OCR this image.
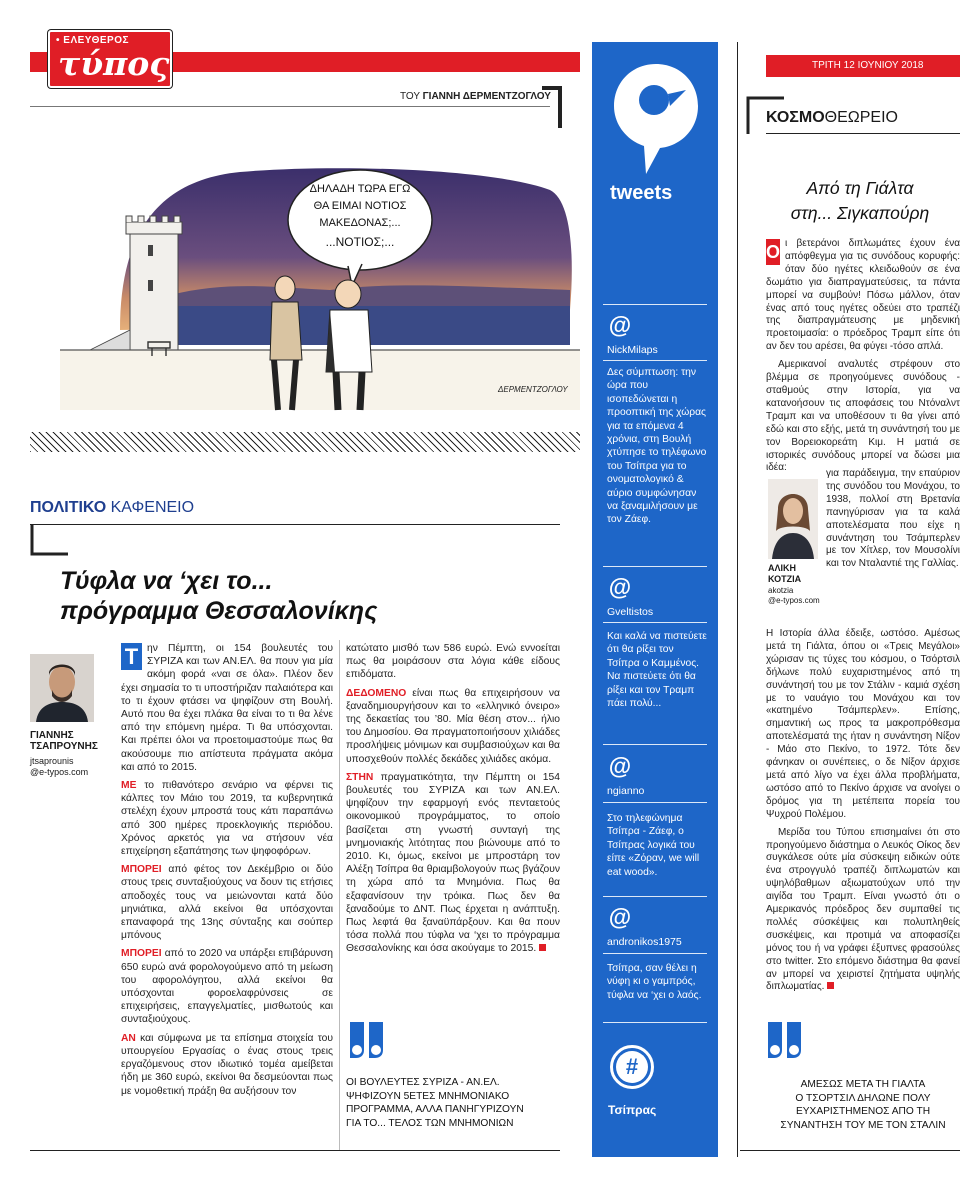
• ΕΛΕΥΘΕΡΟΣ
τύπος
ΤΟΥ ΓΙΑΝΝΗ ΔΕΡΜΕΝΤΖΟΓΛΟΥ
ΔΗΛΑΔΗ ΤΩΡΑ ΕΓΩ
ΘΑ ΕΙΜΑΙ ΝΟΤΙΟΣ
ΜΑΚΕΔΟΝΑΣ;...
...ΝΟΤΙΟΣ;...
ΔΕΡΜΕΝΤΖΟΓΛΟΥ
ΠΟΛΙΤΙΚΟ ΚΑΦΕΝΕΙΟ
Τύφλα να ‘χει το...
πρόγραμμα Θεσσαλονίκης
ΓΙΑΝΝΗΣ
ΤΣΑΠΡΟΥΝΗΣ
jtsaprounis
@e-typos.com

Τ ην Πέμπτη, οι 154 βουλευτές του ΣΥΡΙΖΑ και των ΑΝ.ΕΛ. θα πουν για μία ακόμη φορά «ναι σε όλα». Πλέον δεν έχει σημασία το τι υποστήριζαν παλαιότερα και το τι έχουν φτάσει να ψηφίζουν στη Βουλή. Αυτό που θα έχει πλάκα θα είναι το τι θα λένε από την επόμενη ημέρα. Τι θα υπόσχονται. Και πρέπει όλοι να προετοιμαστούμε πως θα ακούσουμε πιο απίστευτα πράγματα ακόμα και από το 2015.

ΜΕ το πιθανότερο σενάριο να φέρνει τις κάλπες τον Μάιο του 2019, τα κυβερνητικά στελέχη έχουν μπροστά τους κάτι παραπάνω από 300 ημέρες προεκλογικής περιόδου. Χρόνος αρκετός για να στήσουν νέα επιχείρηση εξαπάτησης των ψηφοφόρων.

ΜΠΟΡΕΙ από φέτος τον Δεκέμβριο οι δύο στους τρεις συνταξιούχους να δουν τις ετήσιες αποδοχές τους να μειώνονται κατά δύο μηνιάτικα, αλλά εκείνοι θα υπόσχονται επαναφορά της 13ης σύνταξης και σούπερ μπόνους

ΜΠΟΡΕΙ από το 2020 να υπάρξει επιβάρυνση 650 ευρώ ανά φορολογούμενο από τη μείωση του αφορολόγητου, αλλά εκείνοι θα υπόσχονται φοροελαφρύνσεις σε επιχειρήσεις, επαγγελματίες, μισθωτούς και συνταξιούχους.

ΑΝ και σύμφωνα με τα επίσημα στοιχεία του υπουργείου Εργασίας ο ένας στους τρεις εργαζόμενους στον ιδιωτικό τομέα αμείβεται ήδη με 360 ευρώ, εκείνοι θα δεσμεύονται πως με νομοθετική πράξη θα αυξήσουν τον

κατώτατο μισθό των 586 ευρώ. Ενώ εννοείται πως θα μοιράσουν στα λόγια κάθε είδους επιδόματα.

ΔΕΔΟΜΕΝΟ είναι πως θα επιχειρήσουν να ξαναδημιουργήσουν και το «ελληνικό όνειρο» της δεκαετίας του ’80. Μία θέση στον... ήλιο του Δημοσίου. Θα πραγματοποιήσουν χιλιάδες προσλήψεις μόνιμων και συμβασιούχων και θα υποσχεθούν πολλές δεκάδες χιλιάδες ακόμα.

ΣΤΗΝ πραγματικότητα, την Πέμπτη οι 154 βουλευτές του ΣΥΡΙΖΑ και των ΑΝ.ΕΛ. ψηφίζουν την εφαρμογή ενός πενταετούς οικονομικού προγράμματος, το οποίο βασίζεται στη γνωστή συνταγή της μνημονιακής λιτότητας που βιώνουμε από το 2010. Κι, όμως, εκείνοι με μπροστάρη τον Αλέξη Τσίπρα θα θριαμβολογούν πως βγάζουν τη χώρα από τα Μνημόνια. Πως θα εξαφανίσουν την τρόικα. Πως δεν θα ξαναδούμε το ΔΝΤ. Πως έρχεται η ανάπτυξη. Πως λεφτά θα ξαναϋπάρξουν. Και θα πουν τόσα πολλά που τύφλα να ‘χει το πρόγραμμα Θεσσαλονίκης και όσα ακούγαμε το 2015.

ΟΙ ΒΟΥΛΕΥΤΕΣ ΣΥΡΙΖΑ - ΑΝ.ΕΛ.
ΨΗΦΙΖΟΥΝ 5ΕΤΕΣ ΜΝΗΜΟΝΙΑΚΟ
ΠΡΟΓΡΑΜΜΑ, ΑΛΛΑ ΠΑΝΗΓΥΡΙΖΟΥΝ
ΓΙΑ ΤΟ... ΤΕΛΟΣ ΤΩΝ ΜΝΗΜΟΝΙΩΝ
tweets
@
NickMilaps
Δες σύμπτωση: την ώρα που ισοπεδώνεται η προοπτική της χώρας για τα επόμενα 4 χρόνια, στη Βουλή χτύπησε το τηλέφωνο του Τσίπρα για το ονοματολογικό & αύριο συμφώνησαν να ξαναμιλήσουν με τον Ζάεφ.
@
Gveltistos
Και καλά να πιστεύετε ότι θα ρίξει τον Τσίπρα ο Καμμένος. Να πιστεύετε ότι θα ρίξει και τον Τραμπ πάει πολύ...
@
ngianno
Στο τηλεφώνημα Τσίπρα - Ζάεφ, ο Τσίπρας λογικά του είπε «Ζόραν, we will eat wood».
@
andronikos1975
Τσίπρα, σαν θέλει η νύφη κι ο γαμπρός, τύφλα να ‘χει ο λαός.
#
Τσίπρας
ΤΡΙΤΗ 12 ΙΟΥΝΙΟΥ 2018
ΚΟΣΜΟΘΕΩΡΕΙΟ
Από τη Γιάλτα
στη... Σιγκαπούρη

Ο ι βετεράνοι διπλωμάτες έχουν ένα απόφθεγμα για τις συνόδους κορυφής: όταν δύο ηγέτες κλειδωθούν σε ένα δωμάτιο για διαπραγματεύσεις, τα πάντα μπορεί να συμβούν! Πόσω μάλλον, όταν ένας από τους ηγέτες οδεύει στο τραπέζι της διαπραγμάτευσης με μηδενική προετοιμασία: ο πρόεδρος Τραμπ είπε ότι αν δεν του αρέσει, θα φύγει -τόσο απλά.

Αμερικανοί αναλυτές στρέφουν στο βλέμμα σε προηγούμενες συνόδους - σταθμούς στην Ιστορία, για να κατανοήσουν τις αποφάσεις του Ντόναλντ Τραμπ και να υποθέσουν τι θα γίνει από εδώ και στο εξής, μετά τη συνάντησή του με τον Βορειοκορεάτη Κιμ. Η ματιά σε ιστορικές συνόδους μπορεί να δώσει μια ιδέα:

ΑΛΙΚΗ
ΚΟΤΖΙΑ
akotzia
@e-typos.com

για παράδειγμα, την επαύριον της συνόδου του Μονάχου, το 1938, πολλοί στη Βρετανία πανηγύρισαν για τα καλά αποτελέσματα που είχε η συνάντηση του Τσάμπερλεν με τον Χίτλερ, τον Μουσολίνι και τον Νταλαντιέ της Γαλλίας.

Η Ιστορία άλλα έδειξε, ωστόσο. Αμέσως μετά τη Γιάλτα, όπου οι «Τρεις Μεγάλοι» χώρισαν τις τύχες του κόσμου, ο Τσόρτσιλ δήλωνε πολύ ευχαριστημένος από τη συνάντησή του με τον Στάλιν - καμιά σχέση με το ναυάγιο του Μονάχου και τον «κατημένο Τσάμπερλεν». Επίσης, σημαντική ως προς τα μακροπρόθεσμα αποτελέσματά της ήταν η συνάντηση Νίξον - Μάο στο Πεκίνο, το 1972. Τότε δεν φάνηκαν οι συνέπειες, ο δε Νίξον άρχισε μετά από λίγο να έχει άλλα προβλήματα, ωστόσο από το Πεκίνο άρχισε να ανοίγει ο δρόμος για τη μετέπειτα πορεία του Ψυχρού Πολέμου.

Μερίδα του Τύπου επισημαίνει ότι στο προηγούμενο διάστημα ο Λευκός Οίκος δεν συγκάλεσε ούτε μία σύσκεψη ειδικών ούτε ένα στρογγυλό τραπέζι διπλωματών και υψηλόβαθμων αξιωματούχων υπό την αιγίδα του Τραμπ. Είναι γνωστό ότι ο Αμερικανός πρόεδρος δεν συμπαθεί τις πολλές σύσκέψεις και πολυπληθείς συσκέψεις, και προτιμά να αποφασίζει μόνος του ή να γράφει έξυπνες φρασούλες στο twitter. Στο επόμενο διάστημα θα φανεί αν μπορεί να χειριστεί ζητήματα υψηλής διπλωματίας.

ΑΜΕΣΩΣ ΜΕΤΑ ΤΗ ΓΙΑΛΤΑ
Ο ΤΣΟΡΤΣΙΛ ΔΗΛΩΝΕ ΠΟΛΥ
ΕΥΧΑΡΙΣΤΗΜΕΝΟΣ ΑΠΟ ΤΗ
ΣΥΝΑΝΤΗΣΗ ΤΟΥ ΜΕ ΤΟΝ ΣΤΑΛΙΝ
